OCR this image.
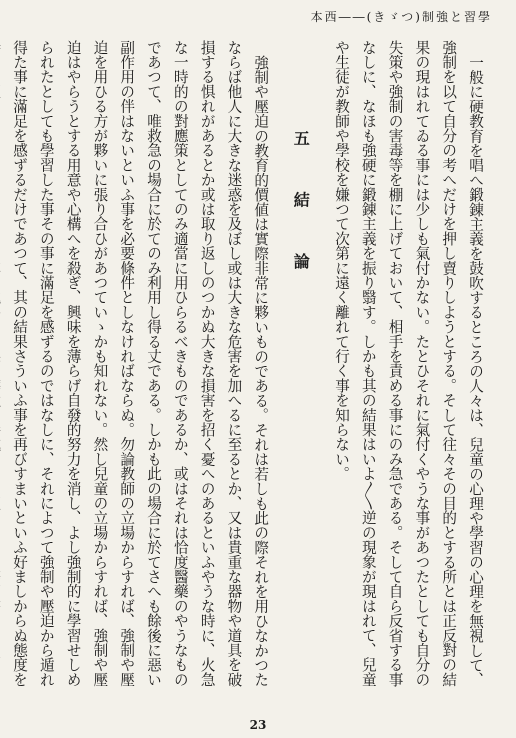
學習と強制(つゞき)――西本

一般に硬教育を唱へ鍛錬主義を鼓吹するところの人々は、兒童の心理や學習の心理を無視して、強制を以て自分の考へだけを押し賣りしようとする。そして往々その目的とする所とは正反對の結果の現はれてゐる事には少しも氣付かない。たとひそれに氣付くやうな事があつたとしても自分の失策や強制の害毒等を棚に上げておいて、相手を責める事にのみ急である。そして自ら反省する事なしに、なほも強硬に鍛錬主義を振り翳す。しかも其の結果はいよ〳〵逆の現象が現はれて、兒童や生徒が教師や學校を嫌つて次第に遠く離れて行く事を知らない。

五 結 論

強制や壓迫の教育的價値は實際非常に夥いものである。それは若しも此の際それを用ひなかつたならば他人に大きな迷惑を及ぼし或は大きな危害を加へるに至るとか、又は貴重な器物や道具を破損する惧れがあるとか或は取り返しのつかぬ大きな損害を招く憂へのあるといふやうな時に、火急な一時的の對應策としてのみ適當に用ひらるべきものであるか、或はそれは恰度醫藥のやうなものであつて、唯救急の場合に於てのみ利用し得る丈である。しかも此の場合に於てさへも餘後に惡い副作用の伴はないといふ事を必要條件としなければならぬ。勿論教師の立場からすれば、強制や壓迫を用ひる方が夥いに張り合ひがあつていゝかも知れない。然し兒童の立場からすれば、強制や壓迫はやらうとする用意や心構へを殺ぎ、興味を薄らげ自發的努力を消し、よし強制的に學習せしめられたとしても學習した事その事に滿足を感ずるのではなしに、それによつて強制や壓迫から遁れ得た事に滿足を感ずるだけであつて、其の結果さういふ事を再びすまいといふ好ましからぬ態度を

23
